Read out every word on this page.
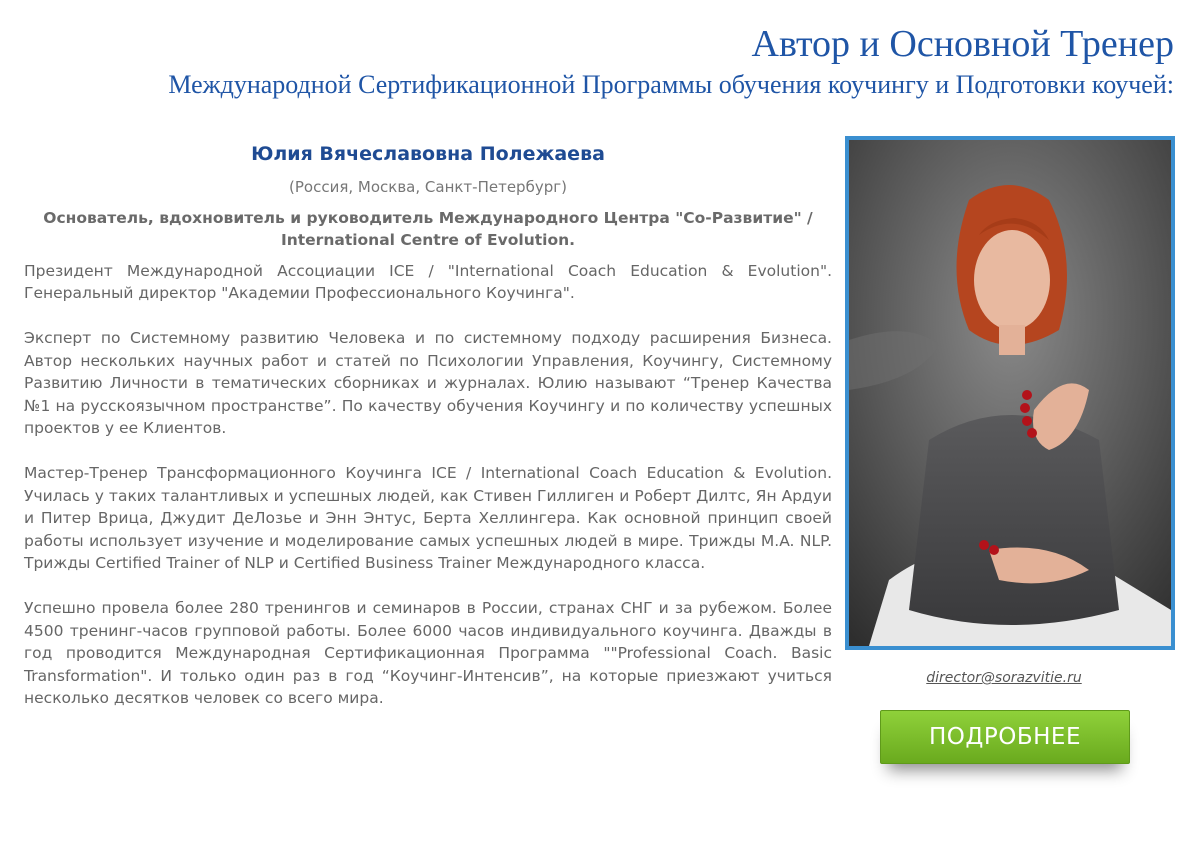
Автор и Основной Тренер
Международной Сертификационной Программы обучения коучингу и Подготовки коучей:
Юлия Вячеславовна Полежаева
(Россия, Москва, Санкт-Петербург)
Основатель, вдохновитель и руководитель Международного Центра "Со-Развитие" / International Centre of Evolution.

Президент Международной Ассоциации ICE / "International Coach Education & Evolution". Генеральный директор "Академии Профессионального Коучинга".

Эксперт по Системному развитию Человека и по системному подходу расширения Бизнеса. Автор нескольких научных работ и статей по Психологии Управления, Коучингу, Системному Развитию Личности в тематических сборниках и журналах. Юлию называют “Тренер Качества №1 на русскоязычном пространстве”. По качеству обучения Коучингу и по количеству успешных проектов у ее Клиентов.

Мастер-Тренер Трансформационного Коучинга ICE / International Coach Education & Evolution. Училась у таких талантливых и успешных людей, как Стивен Гиллиген и Роберт Дилтс, Ян Ардуи и Питер Врица, Джудит ДеЛозье и Энн Энтус, Берта Хеллингера. Как основной принцип своей работы использует изучение и моделирование самых успешных людей в мире. Трижды M.A. NLP. Трижды Certified Trainer of NLP и Certified Business Trainer Международного класса.

Успешно провела более 280 тренингов и семинаров в России, странах СНГ и за рубежом. Более 4500 тренинг-часов групповой работы. Более 6000 часов индивидуального коучинга. Дважды в год проводится Международная Сертификационная Программа ""Professional Coach. Basic Transformation". И только один раз в год “Коучинг-Интенсив”, на которые приезжают учиться несколько десятков человек со всего мира.

director@sorazvitie.ru
ПОДРОБНЕЕ
